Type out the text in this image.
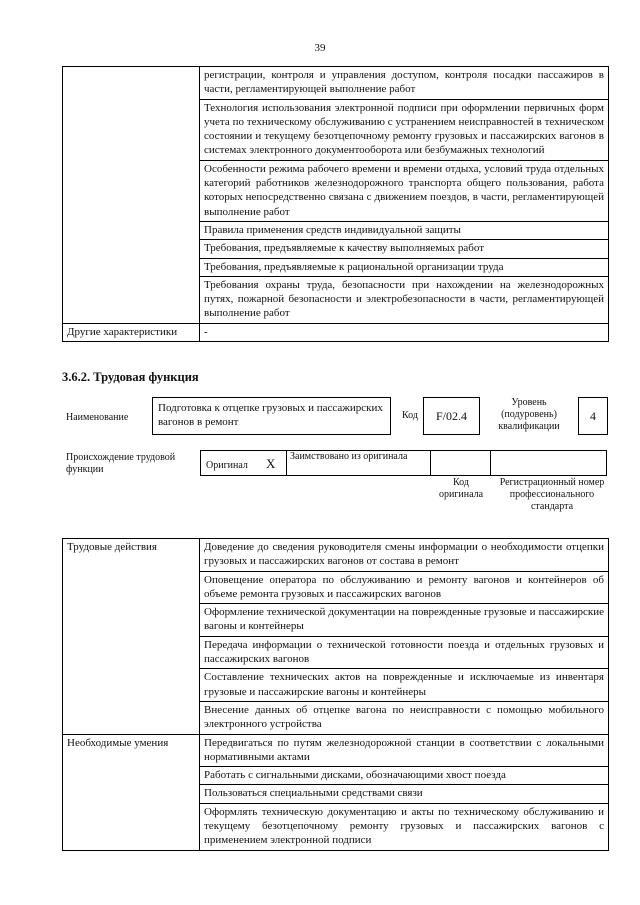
39
	регистрации, контроля и управления доступом, контроля посадки пассажиров в части, регламентирующей выполнение работ
	Технология использования электронной подписи при оформлении первичных форм учета по техническому обслуживанию с устранением неисправностей в техническом состоянии и текущему безотцепочному ремонту грузовых и пассажирских вагонов в системах электронного документооборота или безбумажных технологий
	Особенности режима рабочего времени и времени отдыха, условий труда отдельных категорий работников железнодорожного транспорта общего пользования, работа которых непосредственно связана с движением поездов, в части, регламентирующей выполнение работ
	Правила применения средств индивидуальной защиты
	Требования, предъявляемые к качеству выполняемых работ
	Требования, предъявляемые к рациональной организации труда
	Требования охраны труда, безопасности при нахождении на железнодорожных путях, пожарной безопасности и электробезопасности в части, регламентирующей выполнение работ
Другие характеристики	-
3.6.2. Трудовая функция
Наименование
Подготовка к отцепке грузовых и пассажирских вагонов в ремонт
Код	F/02.4
Уровень (подуровень) квалификации
4
Происхождение трудовой функции	Оригинал X Заимствовано из оригинала
Код оригинала
Регистрационный номер профессионального стандарта
Трудовые действия	Доведение до сведения руководителя смены информации о необходимости отцепки грузовых и пассажирских вагонов от состава в ремонт
	Оповещение оператора по обслуживанию и ремонту вагонов и контейнеров об объеме ремонта грузовых и пассажирских вагонов
	Оформление технической документации на поврежденные грузовые и пассажирские вагоны и контейнеры
	Передача информации о технической готовности поезда и отдельных грузовых и пассажирских вагонов
	Составление технических актов на поврежденные и исключаемые из инвентаря грузовые и пассажирские вагоны и контейнеры
	Внесение данных об отцепке вагона по неисправности с помощью мобильного электронного устройства
Необходимые умения	Передвигаться по путям железнодорожной станции в соответствии с локальными нормативными актами
	Работать с сигнальными дисками, обозначающими хвост поезда
	Пользоваться специальными средствами связи
	Оформлять техническую документацию и акты по техническому обслуживанию и текущему безотцепочному ремонту грузовых и пассажирских вагонов с применением электронной подписи
